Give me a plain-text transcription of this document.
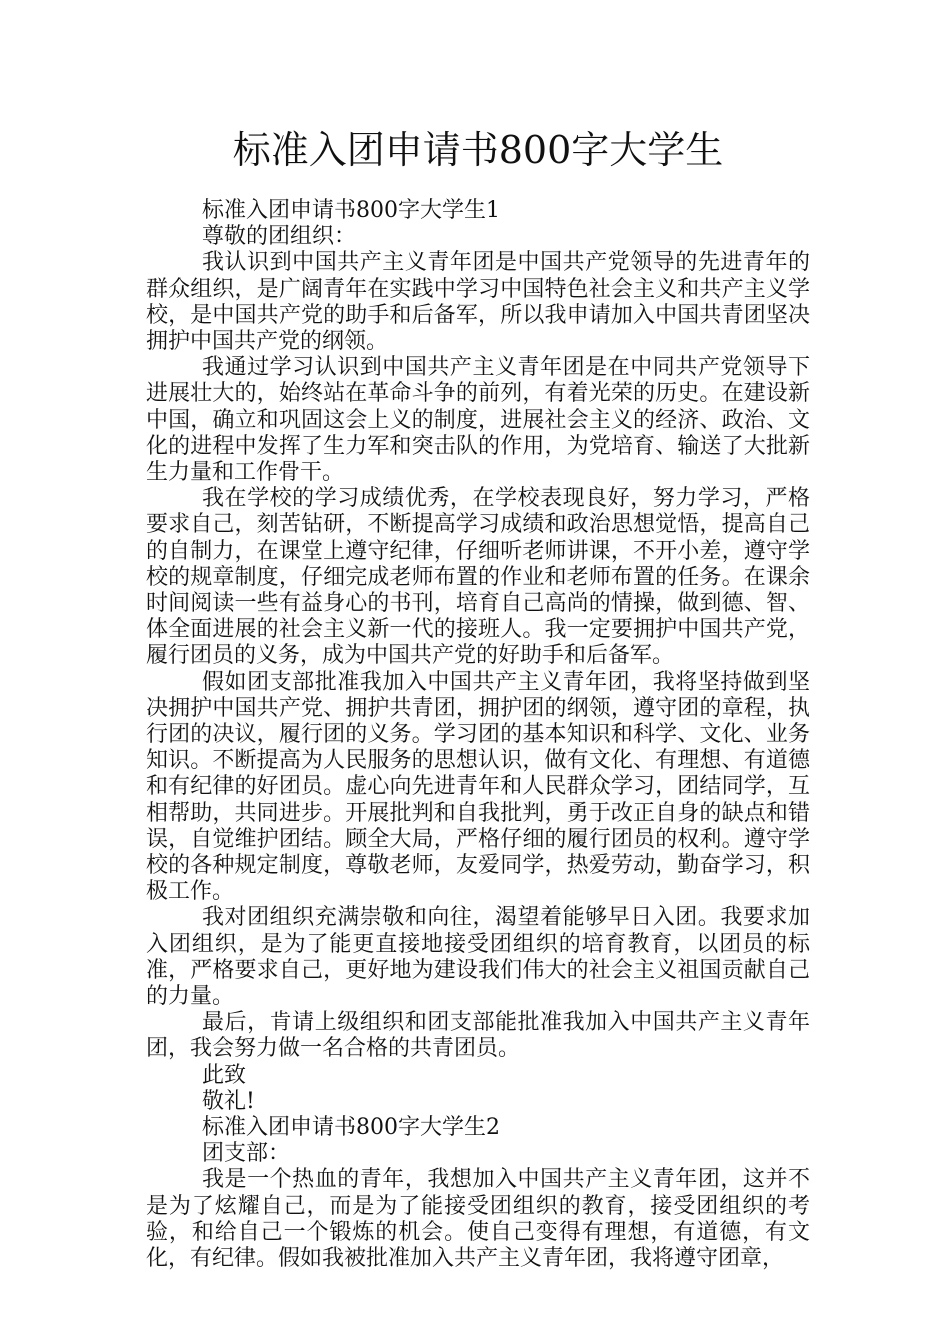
标准入团申请书800字大学生
标准入团申请书800字大学生1
尊敬的团组织：
我认识到中国共产主义青年团是中国共产党领导的先进青年的群众组织，是广阔青年在实践中学习中国特色社会主义和共产主义学校，是中国共产党的助手和后备军，所以我申请加入中国共青团坚决拥护中国共产党的纲领。
我通过学习认识到中国共产主义青年团是在中同共产党领导下进展壮大的，始终站在革命斗争的前列，有着光荣的历史。在建设新中国，确立和巩固这会上义的制度，进展社会主义的经济、政治、文化的进程中发挥了生力军和突击队的作用，为党培育、输送了大批新生力量和工作骨干。
我在学校的学习成绩优秀，在学校表现良好，努力学习，严格要求自己，刻苦钻研，不断提高学习成绩和政治思想觉悟，提高自己的自制力，在课堂上遵守纪律，仔细听老师讲课，不开小差，遵守学校的规章制度，仔细完成老师布置的作业和老师布置的任务。在课余时间阅读一些有益身心的书刊，培育自己高尚的情操，做到德、智、体全面进展的社会主义新一代的接班人。我一定要拥护中国共产党，履行团员的义务，成为中国共产党的好助手和后备军。
假如团支部批准我加入中国共产主义青年团，我将坚持做到坚决拥护中国共产党、拥护共青团，拥护团的纲领，遵守团的章程，执行团的决议，履行团的义务。学习团的基本知识和科学、文化、业务知识。不断提高为人民服务的思想认识，做有文化、有理想、有道德和有纪律的好团员。虚心向先进青年和人民群众学习，团结同学，互相帮助，共同进步。开展批判和自我批判，勇于改正自身的缺点和错误，自觉维护团结。顾全大局，严格仔细的履行团员的权利。遵守学校的各种规定制度，尊敬老师，友爱同学，热爱劳动，勤奋学习，积极工作。
我对团组织充满崇敬和向往，渴望着能够早日入团。我要求加入团组织，是为了能更直接地接受团组织的培育教育，以团员的标准，严格要求自己，更好地为建设我们伟大的社会主义祖国贡献自己的力量。
最后，肯请上级组织和团支部能批准我加入中国共产主义青年团，我会努力做一名合格的共青团员。
此致
敬礼!
标准入团申请书800字大学生2
团支部：
我是一个热血的青年，我想加入中国共产主义青年团，这并不是为了炫耀自己，而是为了能接受团组织的教育，接受团组织的考验，和给自己一个锻炼的机会。使自己变得有理想，有道德，有文化，有纪律。假如我被批准加入共产主义青年团，我将遵守团章，
